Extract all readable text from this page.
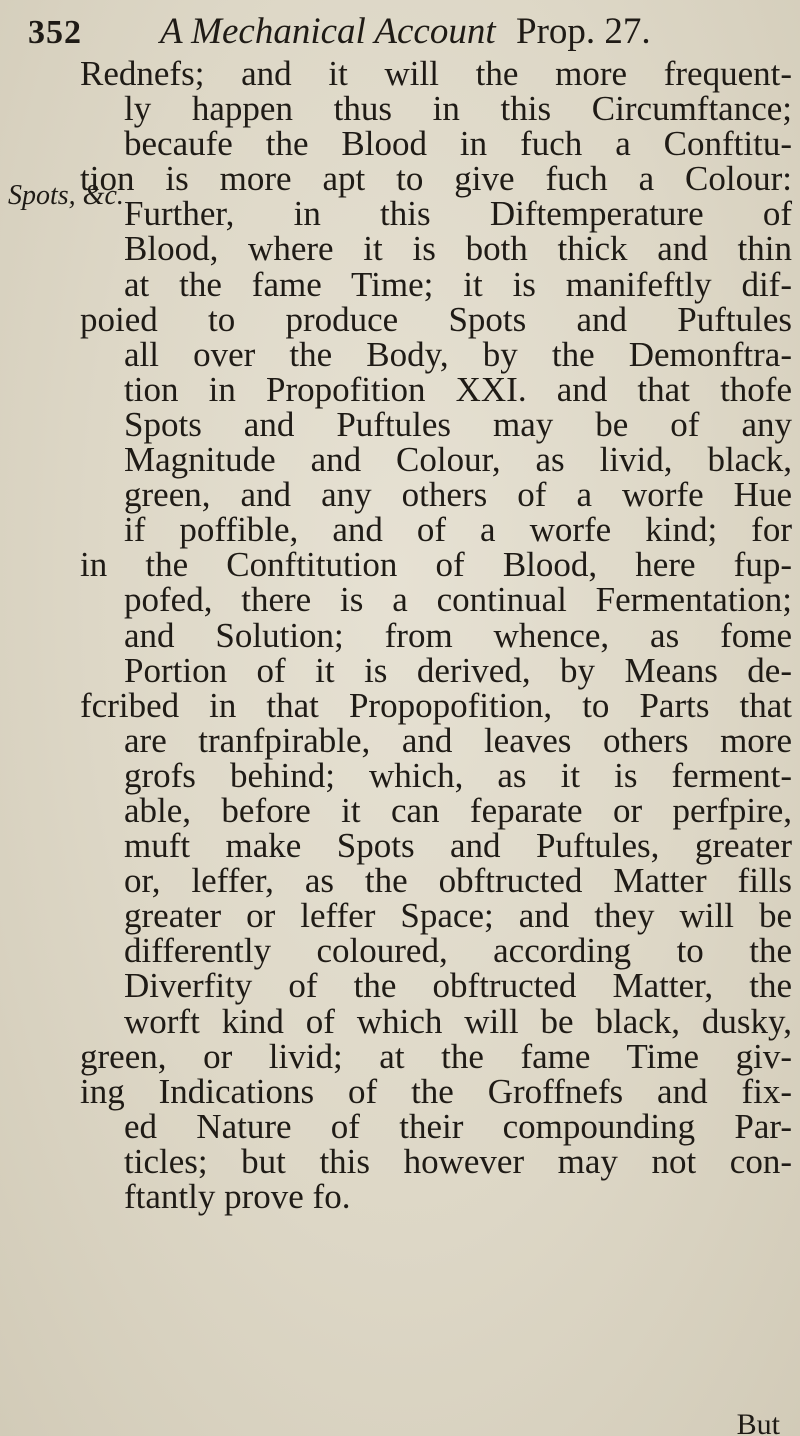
352 A Mechanical Account Prop. 27.
Spots, &c.
Rednefs; and it will the more frequent-
ly happen thus in this Circumftance;
becaufe the Blood in fuch a Conftitu-
tion is more apt to give fuch a Colour:
Further, in this Diftemperature of
Blood, where it is both thick and thin
at the fame Time; it is manifeftly dif-
poied to produce Spots and Puftules
all over the Body, by the Demonftra-
tion in Propofition XXI. and that thofe
Spots and Puftules may be of any
Magnitude and Colour, as livid, black,
green, and any others of a worfe Hue
if poffible, and of a worfe kind; for
in the Conftitution of Blood, here fup-
pofed, there is a continual Fermentation;
and Solution; from whence, as fome
Portion of it is derived, by Means de-
fcribed in that Propopofition, to Parts that
are tranfpirable, and leaves others more
grofs behind; which, as it is ferment-
able, before it can feparate or perfpire,
muft make Spots and Puftules, greater
or, leffer, as the obftructed Matter fills
greater or leffer Space; and they will be
differently coloured, according to the
Diverfity of the obftructed Matter, the
worft kind of which will be black, dusky,
green, or livid; at the fame Time giv-
ing Indications of the Groffnefs and fix-
ed Nature of their compounding Par-
ticles; but this however may not con-
ftantly prove fo.
But
